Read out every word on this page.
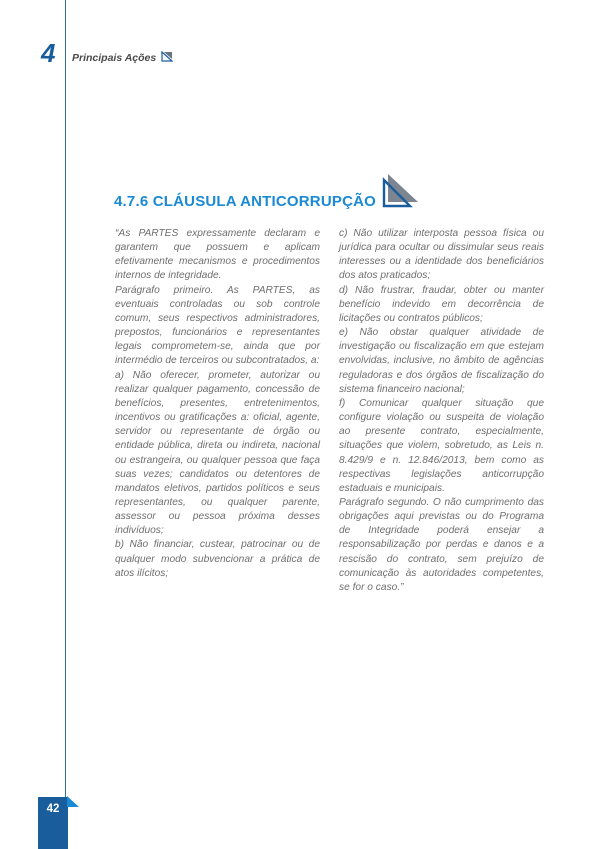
4 Principais Ações
4.7.6 CLÁUSULA ANTICORRUPÇÃO

“As PARTES expressamente declaram e garantem que possuem e aplicam efetivamente mecanismos e procedimentos internos de integridade.

Parágrafo primeiro. As PARTES, as eventuais controladas ou sob controle comum, seus respectivos administradores, prepostos, funcionários e representantes legais comprometem-se, ainda que por intermédio de terceiros ou subcontratados, a:

a) Não oferecer, prometer, autorizar ou realizar qualquer pagamento, concessão de benefícios, presentes, entretenimentos, incentivos ou gratificações a: oficial, agente, servidor ou representante de órgão ou entidade pública, direta ou indireta, nacional ou estrangeira, ou qualquer pessoa que faça suas vezes; candidatos ou detentores de mandatos eletivos, partidos políticos e seus representantes, ou qualquer parente, assessor ou pessoa próxima desses indivíduos;

b) Não financiar, custear, patrocinar ou de qualquer modo subvencionar a prática de atos ilícitos;

c) Não utilizar interposta pessoa física ou jurídica para ocultar ou dissimular seus reais interesses ou a identidade dos beneficiários dos atos praticados;

d) Não frustrar, fraudar, obter ou manter benefício indevido em decorrência de licitações ou contratos públicos;

e) Não obstar qualquer atividade de investigação ou fiscalização em que estejam envolvidas, inclusive, no âmbito de agências reguladoras e dos órgãos de fiscalização do sistema financeiro nacional;

f) Comunicar qualquer situação que configure violação ou suspeita de violação ao presente contrato, especialmente, situações que violem, sobretudo, as Leis n. 8.429/9 e n. 12.846/2013, bem como as respectivas legislações anticorrupção estaduais e municipais.

Parágrafo segundo. O não cumprimento das obrigações aqui previstas ou do Programa de Integridade poderá ensejar a responsabilização por perdas e danos e a rescisão do contrato, sem prejuízo de comunicação às autoridades competentes, se for o caso.”

42
